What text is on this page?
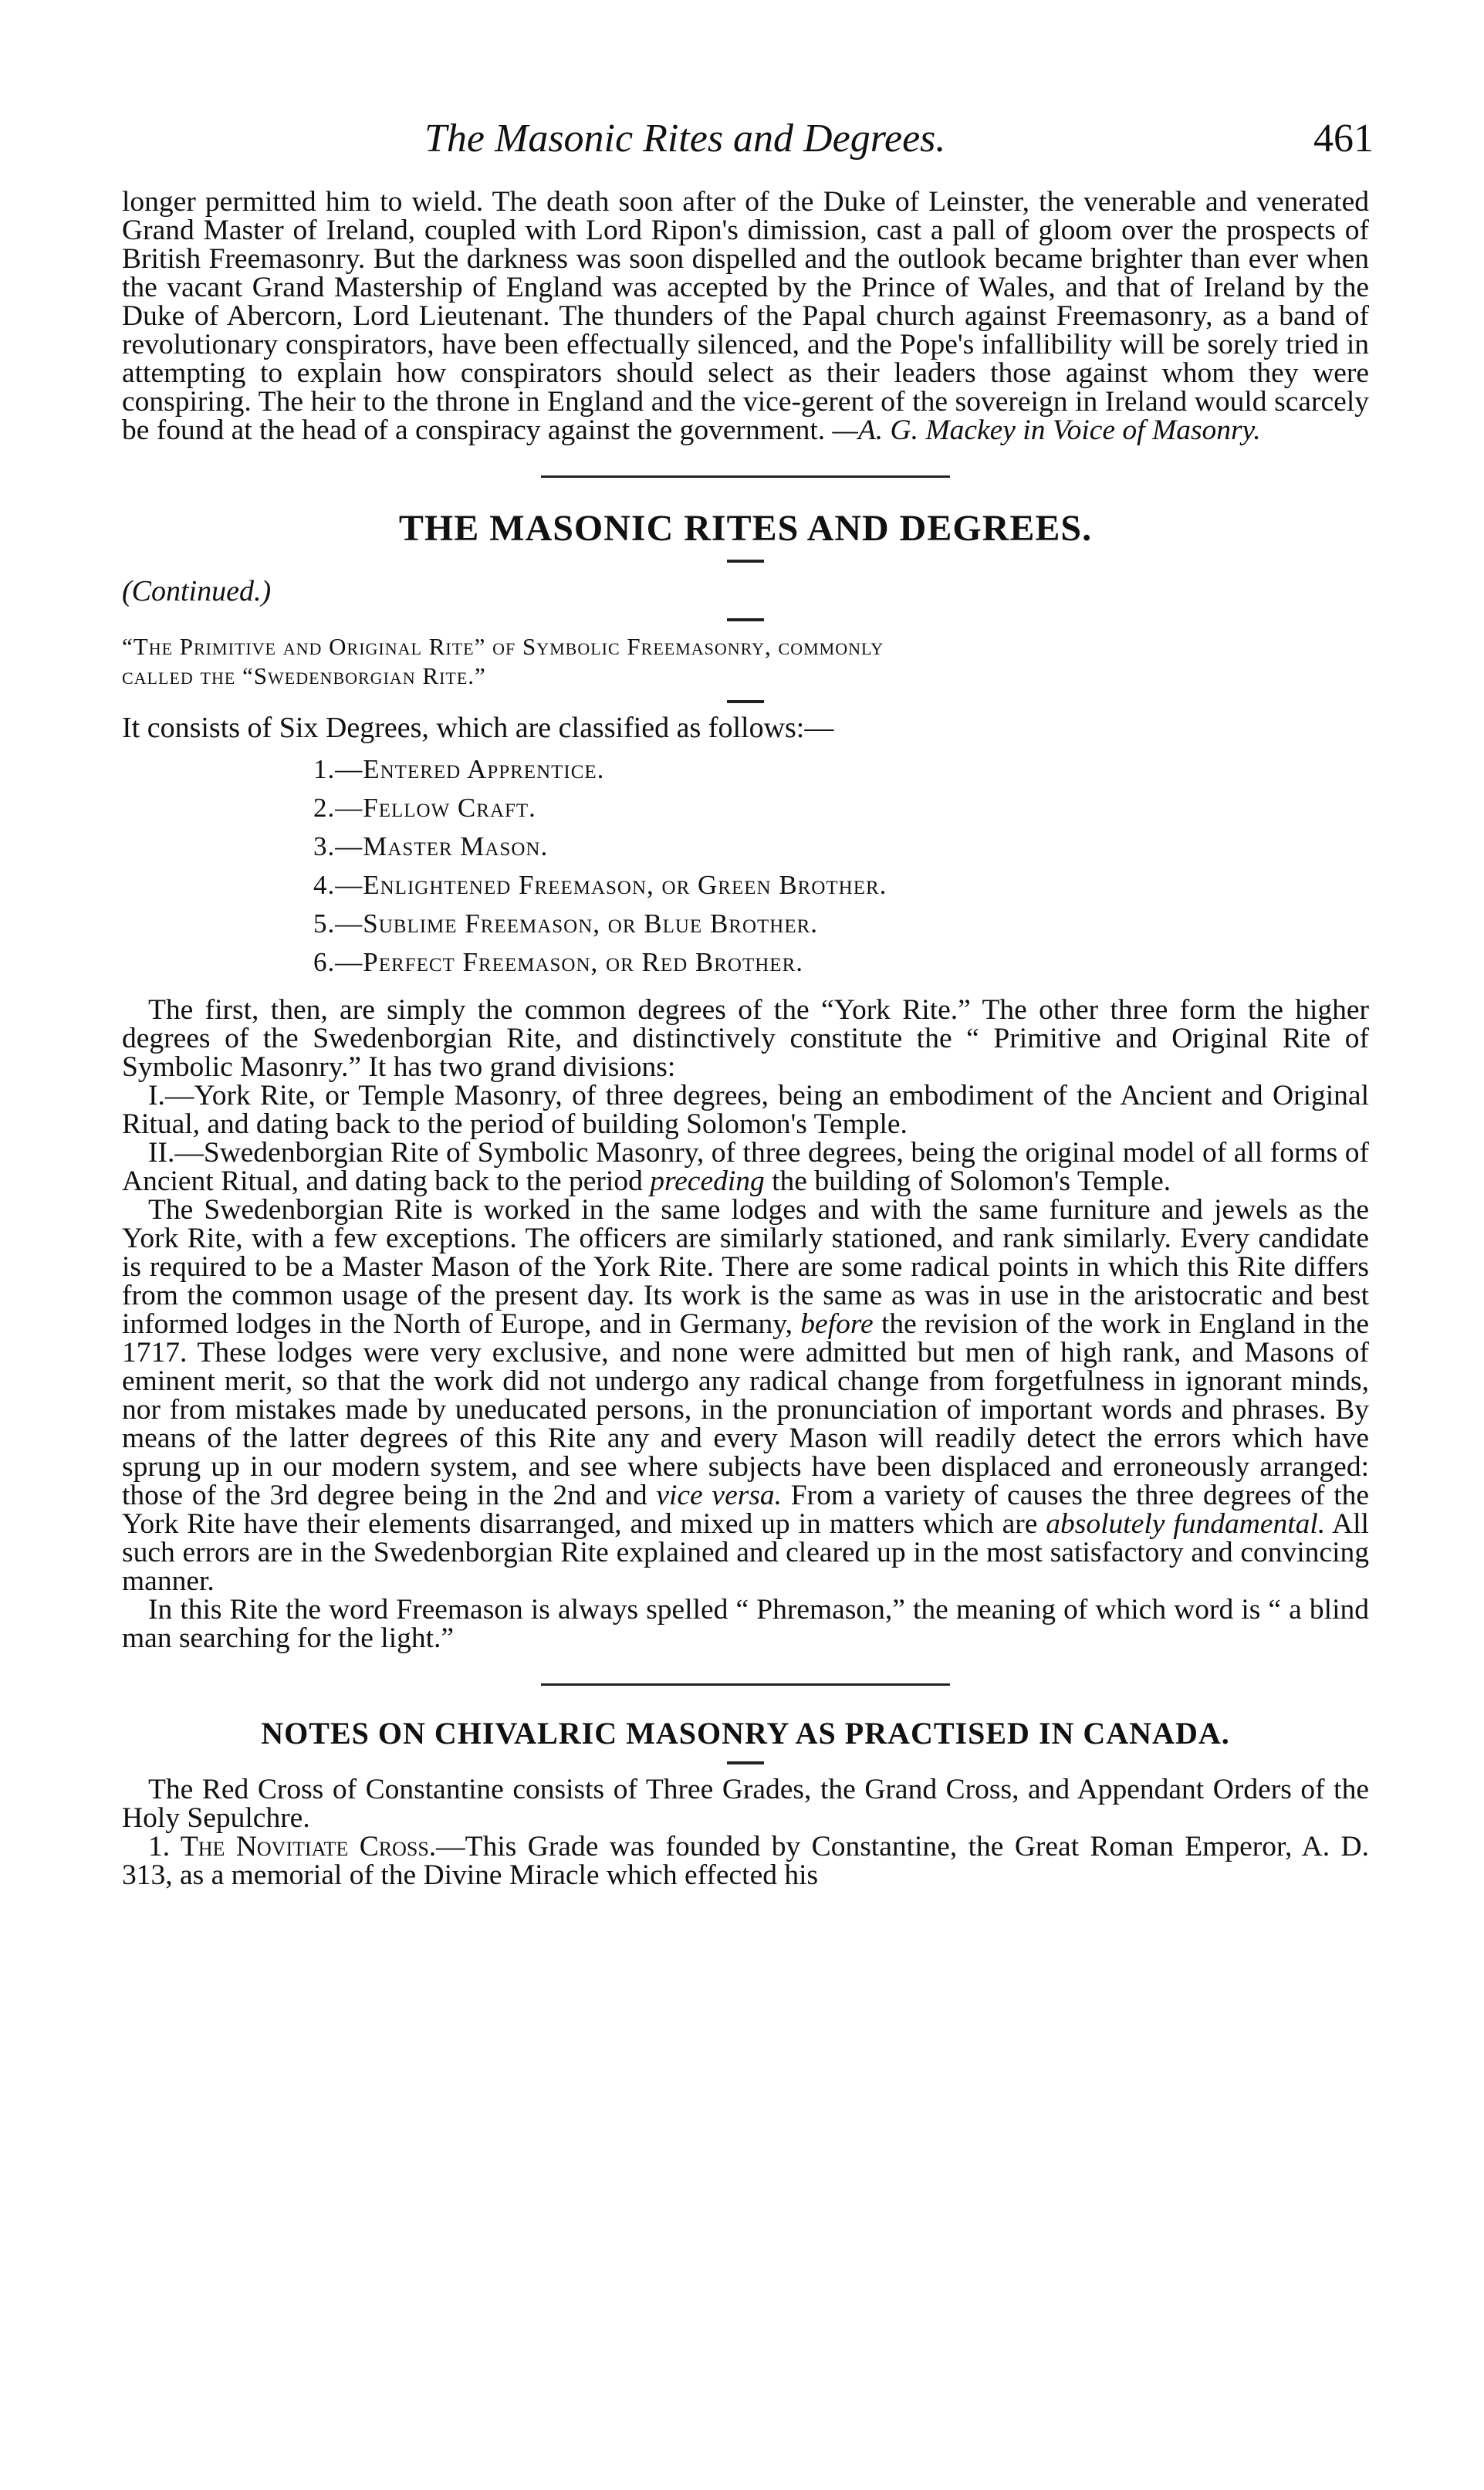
The Masonic Rites and Degrees.	461

longer permitted him to wield. The death soon after of the Duke of Leinster, the venerable and venerated Grand Master of Ireland, coupled with Lord Ripon's dimission, cast a pall of gloom over the prospects of British Freemasonry. But the darkness was soon dispelled and the outlook became brighter than ever when the vacant Grand Mastership of England was accepted by the Prince of Wales, and that of Ireland by the Duke of Abercorn, Lord Lieutenant. The thunders of the Papal church against Freemasonry, as a band of revolutionary conspirators, have been effectually silenced, and the Pope's infallibility will be sorely tried in attempting to explain how conspirators should select as their leaders those against whom they were conspiring. The heir to the throne in England and the vice-gerent of the sovereign in Ireland would scarcely be found at the head of a conspiracy against the government. —A. G. Mackey in Voice of Masonry.

THE MASONIC RITES AND DEGREES.

(Continued.)

“The Primitive and Original Rite” of Symbolic Freemasonry, commonly

called the “Swedenborgian Rite.”

It consists of Six Degrees, which are classified as follows:—

1.—Entered Apprentice.
2.—Fellow Craft.
3.—Master Mason.
4.—Enlightened Freemason, or Green Brother.
5.—Sublime Freemason, or Blue Brother.
6.—Perfect Freemason, or Red Brother.

The first, then, are simply the common degrees of the “York Rite.” The other three form the higher degrees of the Swedenborgian Rite, and distinctively constitute the “ Primitive and Original Rite of Symbolic Masonry.” It has two grand divisions:

I.—York Rite, or Temple Masonry, of three degrees, being an embodiment of the Ancient and Original Ritual, and dating back to the period of building Solomon's Temple.

II.—Swedenborgian Rite of Symbolic Masonry, of three degrees, being the original model of all forms of Ancient Ritual, and dating back to the period preceding the building of Solomon's Temple.

The Swedenborgian Rite is worked in the same lodges and with the same furniture and jewels as the York Rite, with a few exceptions. The officers are similarly stationed, and rank similarly. Every candidate is required to be a Master Mason of the York Rite. There are some radical points in which this Rite differs from the common usage of the present day. Its work is the same as was in use in the aristocratic and best informed lodges in the North of Europe, and in Germany, before the revision of the work in England in the 1717. These lodges were very exclusive, and none were admitted but men of high rank, and Masons of eminent merit, so that the work did not undergo any radical change from forgetfulness in ignorant minds, nor from mistakes made by uneducated persons, in the pronunciation of important words and phrases. By means of the latter degrees of this Rite any and every Mason will readily detect the errors which have sprung up in our modern system, and see where subjects have been displaced and erroneously arranged: those of the 3rd degree being in the 2nd and vice versa. From a variety of causes the three degrees of the York Rite have their elements disarranged, and mixed up in matters which are absolutely fundamental. All such errors are in the Swedenborgian Rite explained and cleared up in the most satisfactory and convincing manner.

In this Rite the word Freemason is always spelled “ Phremason,” the meaning of which word is “ a blind man searching for the light.”

NOTES ON CHIVALRIC MASONRY AS PRACTISED IN CANADA.

The Red Cross of Constantine consists of Three Grades, the Grand Cross, and Appendant Orders of the Holy Sepulchre.

1. The Novitiate Cross.—This Grade was founded by Constantine, the Great Roman Emperor, A. D. 313, as a memorial of the Divine Miracle which effected his
